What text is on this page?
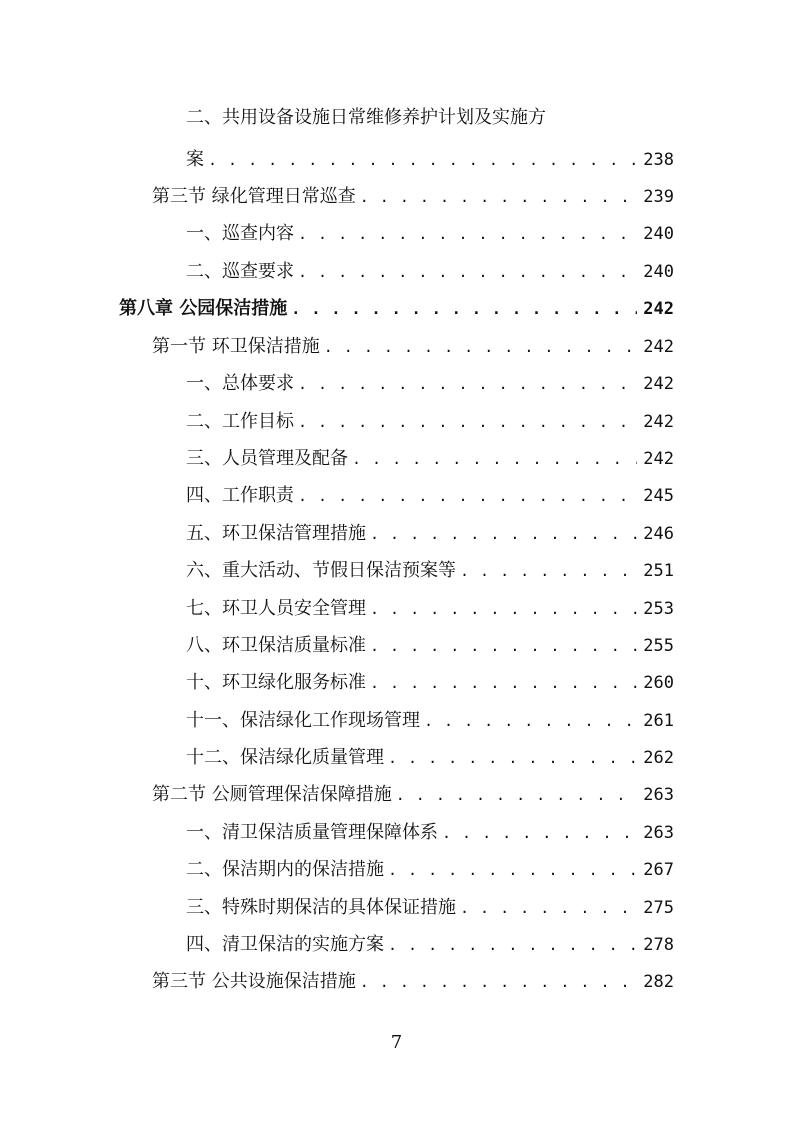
二、共用设备设施日常维修养护计划及实施方
案 . . .	238
第三节 绿化管理日常巡查 . . .	239
一、巡查内容 . . .	240
二、巡查要求 . . .	240
第八章 公园保洁措施 . . .	242
第一节 环卫保洁措施 . . .	242
一、总体要求 . . .	242
二、工作目标 . . .	242
三、人员管理及配备 . . .	242
四、工作职责 . . .	245
五、环卫保洁管理措施 . . .	246
六、重大活动、节假日保洁预案等 . . .	251
七、环卫人员安全管理 . . .	253
八、环卫保洁质量标准 . . .	255
十、环卫绿化服务标准 . . .	260
十一、保洁绿化工作现场管理 . . .	261
十二、保洁绿化质量管理 . . .	262
第二节 公厕管理保洁保障措施 . . .	263
一、清卫保洁质量管理保障体系 . . .	263
二、保洁期内的保洁措施 . . .	267
三、特殊时期保洁的具体保证措施 . . .	275
四、清卫保洁的实施方案 . . .	278
第三节 公共设施保洁措施 . . .	282
7
